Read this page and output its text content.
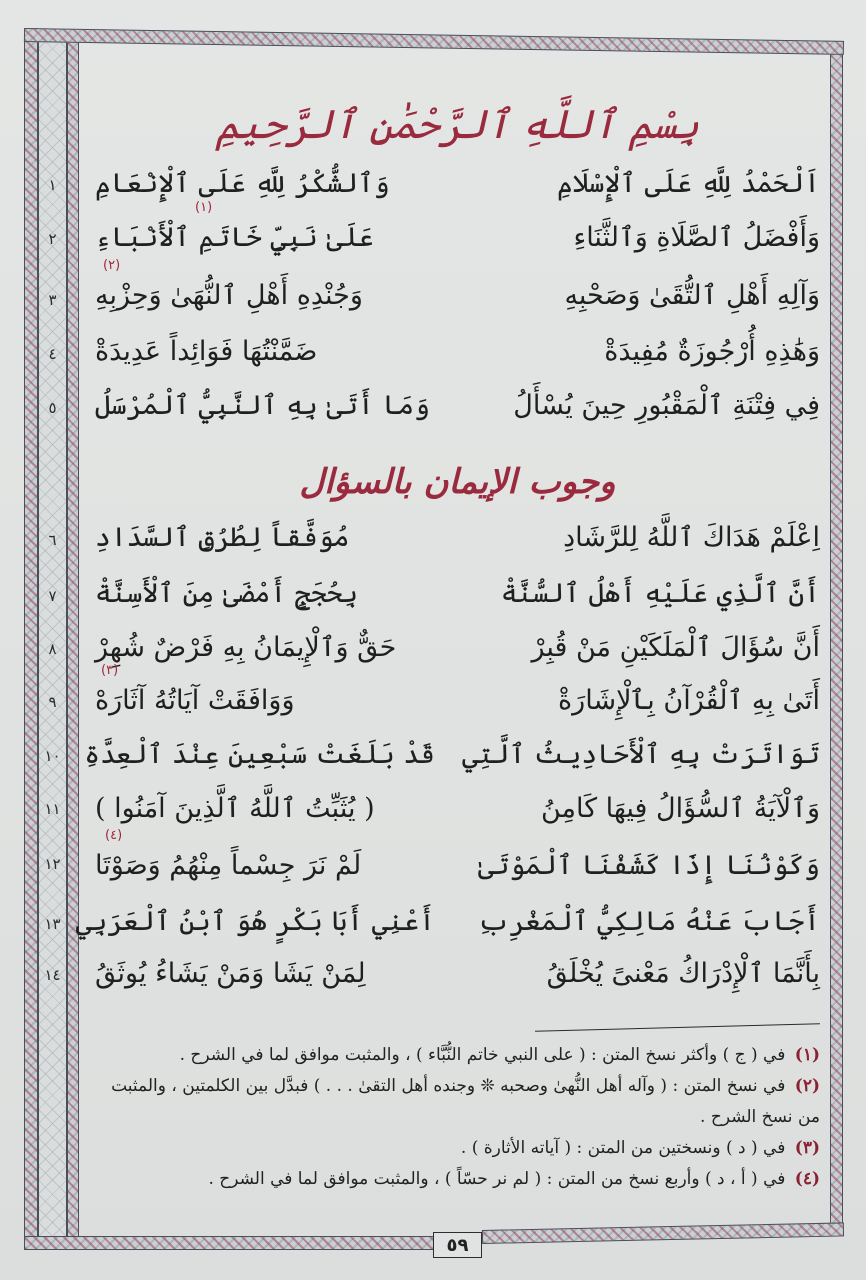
١
٢
٣
٤
٥
٦
٧
٨
٩
١٠
١١
١٢
١٣
١٤
بِسْمِ ٱللَّهِ ٱلرَّحْمَٰنِ ٱلرَّحِيمِ
اَلْحَمْدُ لِلَّهِ عَلَى ٱلْإِسْلَامِ
وَٱلشُّكْرُ لِلَّهِ عَلَى ٱلْإِنْعَامِ
وَأَفْضَلُ ٱلصَّلَاةِ وَٱلثَّنَاءِ
(١)
عَلَىٰ نَبِيِّ خَاتَمِ ٱلْأَنْبَاءِ
وَآلِهِ أَهْلِ ٱلتُّقَىٰ وَصَحْبِهِ
(٢)
وَجُنْدِهِ أَهْلِ ٱلنُّهَىٰ وَحِزْبِهِ
وَهَٰذِهِ أُرْجُوزَةٌ مُفِيدَةْ
ضَمَّنْتُهَا فَوَائِداً عَدِيدَةْ
فِي فِتْنَةِ ٱلْمَقْبُورِ حِينَ يُسْأَلُ
وَمَا أَتَىٰ بِهِ ٱلنَّبِيُّ ٱلْمُرْسَلُ
وجوب الإيمان بالسؤال
اِعْلَمْ هَدَاكَ ٱللَّهُ لِلرَّشَادِ
مُوَفَّقاً لِطُرُقِ ٱلسَّدَادِ
أَنَّ ٱلَّذِي عَلَيْهِ أَهْلُ ٱلسُّنَّةْ
بِحُجَجٍ أَمْضَىٰ مِنَ ٱلْأَسِنَّةْ
أَنَّ سُؤَالَ ٱلْمَلَكَيْنِ مَنْ قُبِرْ
حَقٌّ وَٱلْإِيمَانُ بِهِ فَرْضٌ شُهِرْ
أَتَىٰ بِهِ ٱلْقُرْآنُ بِٱلْإِشَارَةْ
(٣)
وَوَافَقَتْ آيَاتُهُ آثَارَهْ
تَوَاتَرَتْ بِهِ ٱلْأَحَادِيثُ ٱلَّتِي
قَدْ بَلَغَتْ سَبْعِينَ عِنْدَ ٱلْعِدَّةِ
وَٱلْآيَةُ ٱلسُّؤَالُ فِيهَا كَامِنُ
( يُثَبِّتُ ٱللَّهُ ٱلَّذِينَ آمَنُوا )
وَكَوْنُنَا إِذَا كَشَفْنَا ٱلْمَوْتَىٰ
(٤)
لَمْ نَرَ جِسْماً مِنْهُمُ وَصَوْتَا
أَجَابَ عَنْهُ مَالِكِيُّ ٱلْمَغْرِبِ
أَعْنِي أَبَا بَكْرٍ هُوَ ٱبْنُ ٱلْعَرَبِي
بِأَنَّمَا ٱلْإِدْرَاكُ مَعْنىً يُخْلَقُ
لِمَنْ يَشَا وَمَنْ يَشَاءُ يُوثَقُ

(١) في ( ج ) وأكثر نسخ المتن : ( على النبي خاتم النُّبَّاء ) ، والمثبت موافق لما في الشرح .

(٢) في نسخ المتن : ( وآله أهل النُّهىٰ وصحبه ❊ وجنده أهل التقىٰ . . . ) فبدَّل بين الكلمتين ، والمثبت من نسخ الشرح .

(٣) في ( د ) ونسختين من المتن : ( آياته الأثارة ) .

(٤) في ( أ ، د ) وأربع نسخ من المتن : ( لم نر حسّاً ) ، والمثبت موافق لما في الشرح .

٥٩
